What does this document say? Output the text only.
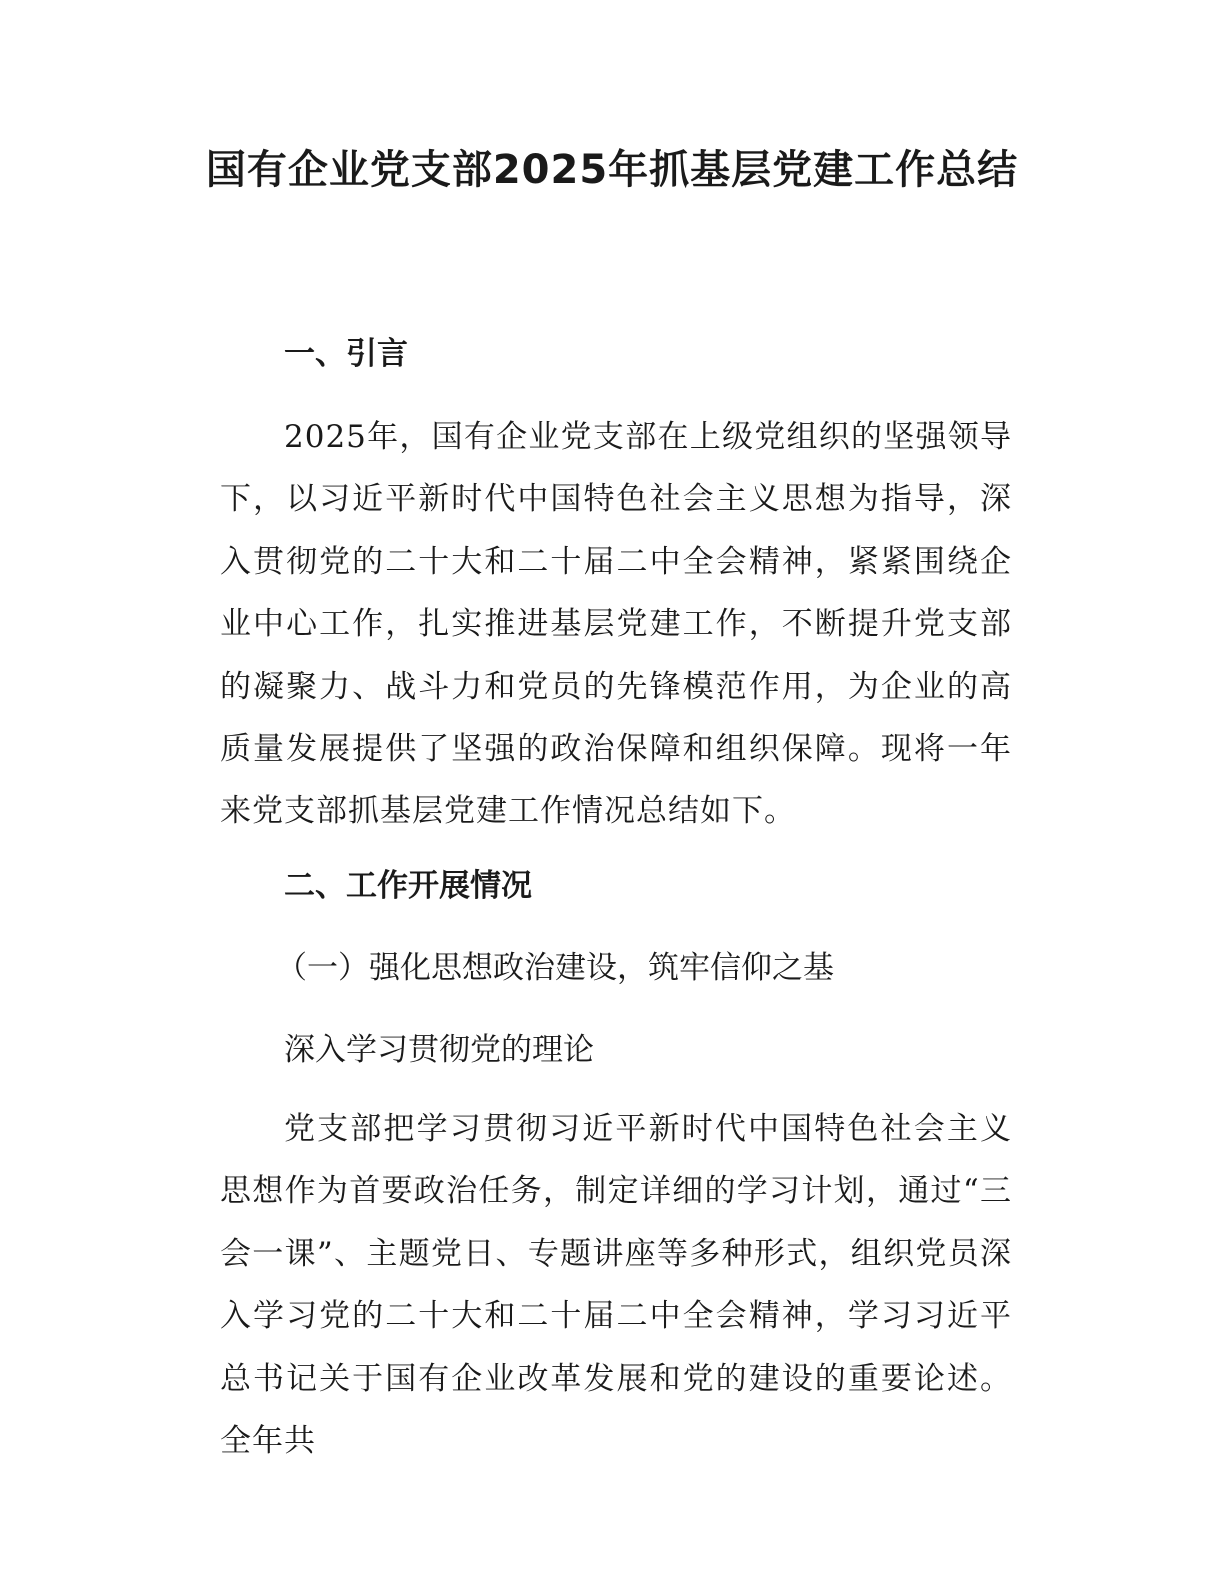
国有企业党支部2025年抓基层党建工作总结
一、引言

2025年，国有企业党支部在上级党组织的坚强领导下，以习近平新时代中国特色社会主义思想为指导，深入贯彻党的二十大和二十届二中全会精神，紧紧围绕企业中心工作，扎实推进基层党建工作，不断提升党支部的凝聚力、战斗力和党员的先锋模范作用，为企业的高质量发展提供了坚强的政治保障和组织保障。现将一年来党支部抓基层党建工作情况总结如下。

二、工作开展情况
（一）强化思想政治建设，筑牢信仰之基

深入学习贯彻党的理论

党支部把学习贯彻习近平新时代中国特色社会主义思想作为首要政治任务，制定详细的学习计划，通过“三会一课”、主题党日、专题讲座等多种形式，组织党员深入学习党的二十大和二十届二中全会精神，学习习近平总书记关于国有企业改革发展和党的建设的重要论述。全年共
